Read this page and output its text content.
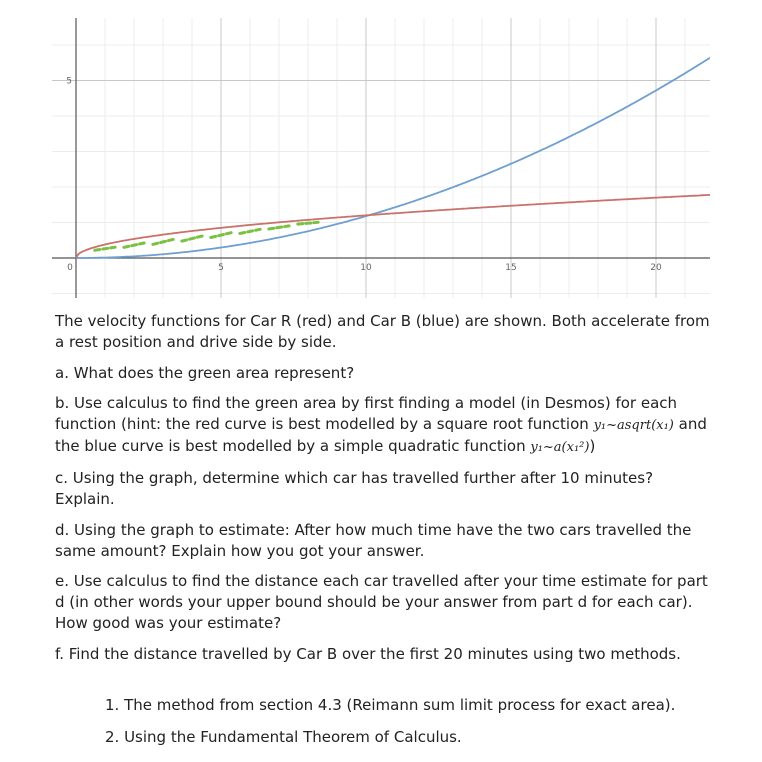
0	5	10	15	20
5

The velocity functions for Car R (red) and Car B (blue) are shown. Both accelerate from a rest position and drive side by side.

a. What does the green area represent?

b. Use calculus to find the green area by first finding a model (in Desmos) for each function (hint: the red curve is best modelled by a square root function y₁~asqrt(x₁) and the blue curve is best modelled by a simple quadratic function y₁~a(x₁²))

c. Using the graph, determine which car has travelled further after 10 minutes? Explain.

d. Using the graph to estimate: After how much time have the two cars travelled the same amount? Explain how you got your answer.

e. Use calculus to find the distance each car travelled after your time estimate for part d (in other words your upper bound should be your answer from part d for each car). How good was your estimate?

f. Find the distance travelled by Car B over the first 20 minutes using two methods.

1. The method from section 4.3 (Reimann sum limit process for exact area).

2. Using the Fundamental Theorem of Calculus.
